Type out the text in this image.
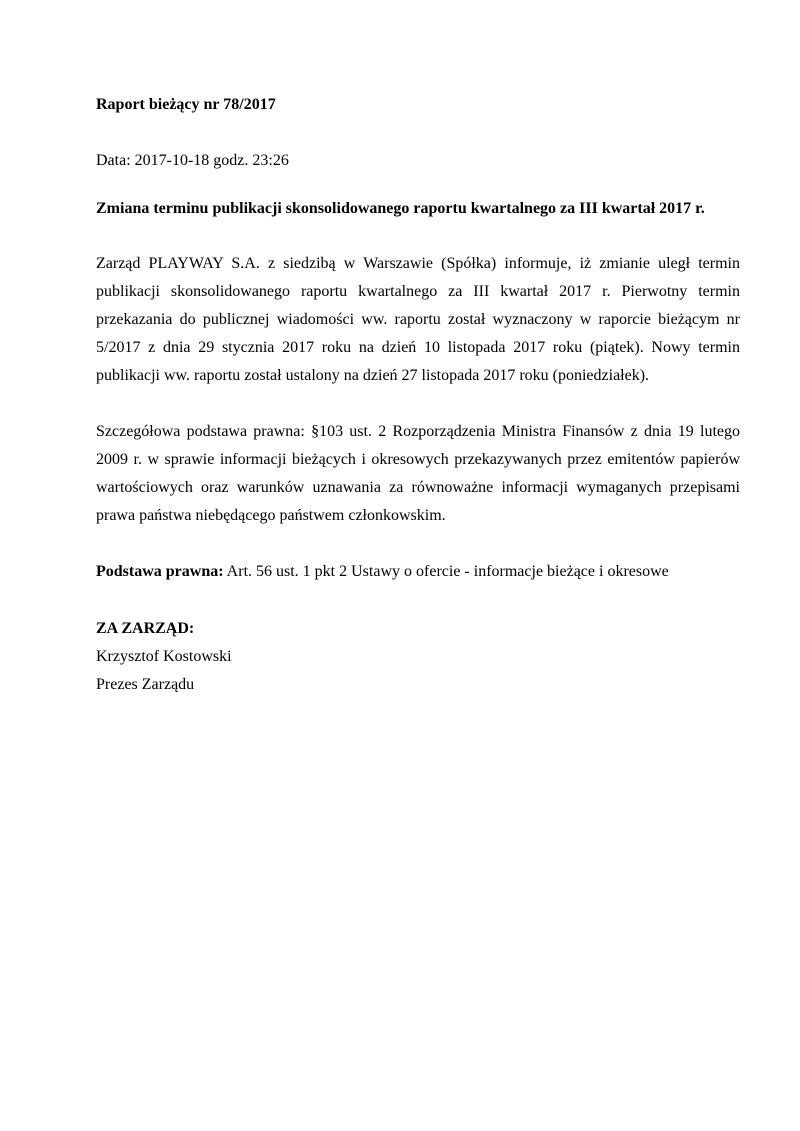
Raport bieżący nr 78/2017

Data: 2017-10-18 godz. 23:26

Zmiana terminu publikacji skonsolidowanego raportu kwartalnego za III kwartał 2017 r.

Zarząd PLAYWAY S.A. z siedzibą w Warszawie (Spółka) informuje, iż zmianie uległ termin publikacji skonsolidowanego raportu kwartalnego za III kwartał 2017 r. Pierwotny termin przekazania do publicznej wiadomości ww. raportu został wyznaczony w raporcie bieżącym nr 5/2017 z dnia 29 stycznia 2017 roku na dzień 10 listopada 2017 roku (piątek). Nowy termin publikacji ww. raportu został ustalony na dzień 27 listopada 2017 roku (poniedziałek).

Szczegółowa podstawa prawna: §103 ust. 2 Rozporządzenia Ministra Finansów z dnia 19 lutego 2009 r. w sprawie informacji bieżących i okresowych przekazywanych przez emitentów papierów wartościowych oraz warunków uznawania za równoważne informacji wymaganych przepisami prawa państwa niebędącego państwem członkowskim.

Podstawa prawna: Art. 56 ust. 1 pkt 2 Ustawy o ofercie - informacje bieżące i okresowe

ZA ZARZĄD:

Krzysztof Kostowski

Prezes Zarządu
